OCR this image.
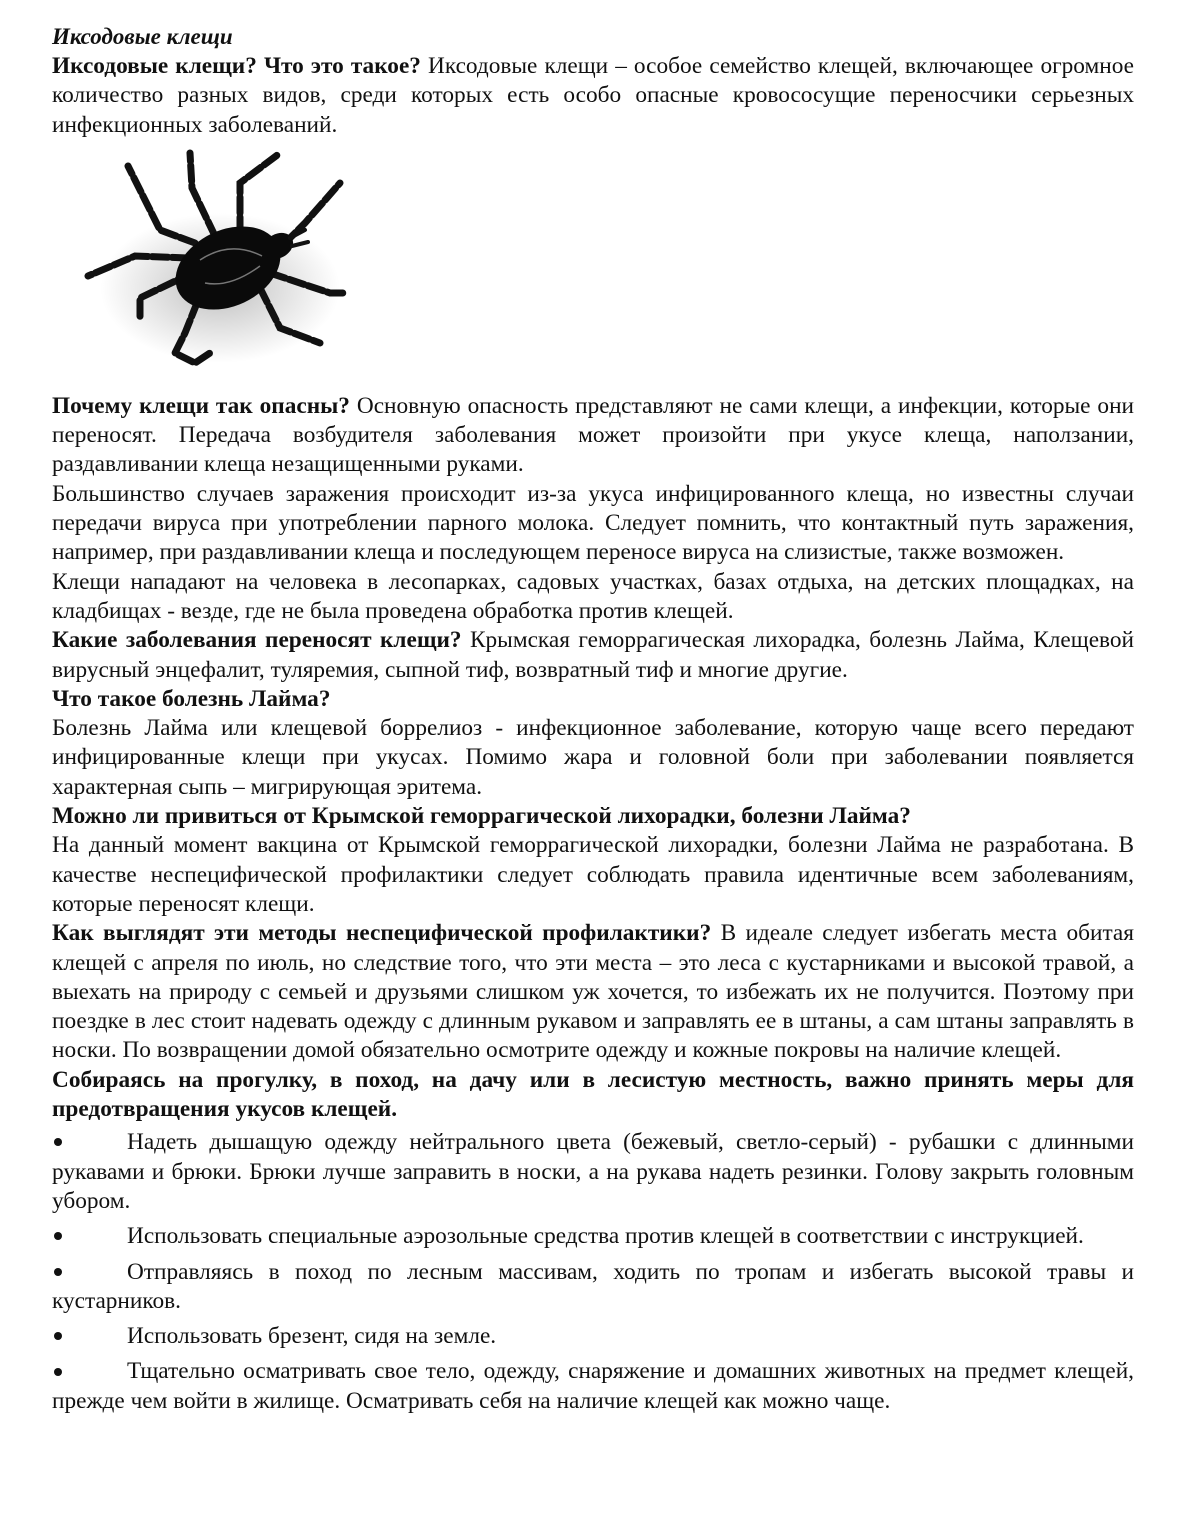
Иксодовые клещи

Иксодовые клещи? Что это такое? Иксодовые клещи – особое семейство клещей, включающее огромное количество разных видов, среди которых есть особо опасные кровососущие переносчики серьезных инфекционных заболеваний.

Почему клещи так опасны? Основную опасность представляют не сами клещи, а инфекции, которые они переносят. Передача возбудителя заболевания может произойти при укусе клеща, наползании, раздавливании клеща незащищенными руками.

Большинство случаев заражения происходит из-за укуса инфицированного клеща, но известны случаи передачи вируса при употреблении парного молока. Следует помнить, что контактный путь заражения, например, при раздавливании клеща и последующем переносе вируса на слизистые, также возможен.

Клещи нападают на человека в лесопарках, садовых участках, базах отдыха, на детских площадках, на кладбищах - везде, где не была проведена обработка против клещей.

Какие заболевания переносят клещи? Крымская геморрагическая лихорадка, болезнь Лайма, Клещевой вирусный энцефалит, туляремия, сыпной тиф, возвратный тиф и многие другие.

Что такое болезнь Лайма?

Болезнь Лайма или клещевой боррелиоз - инфекционное заболевание, которую чаще всего передают инфицированные клещи при укусах. Помимо жара и головной боли при заболевании появляется характерная сыпь – мигрирующая эритема.

Можно ли привиться от Крымской геморрагической лихорадки, болезни Лайма?

На данный момент вакцина от Крымской геморрагической лихорадки, болезни Лайма не разработана. В качестве неспецифической профилактики следует соблюдать правила идентичные всем заболеваниям, которые переносят клещи.

Как выглядят эти методы неспецифической профилактики? В идеале следует избегать места обитая клещей с апреля по июль, но следствие того, что эти места – это леса с кустарниками и высокой травой, а выехать на природу с семьей и друзьями слишком уж хочется, то избежать их не получится. Поэтому при поездке в лес стоит надевать одежду с длинным рукавом и заправлять ее в штаны, а сам штаны заправлять в носки. По возвращении домой обязательно осмотрите одежду и кожные покровы на наличие клещей.

Собираясь на прогулку, в поход, на дачу или в лесистую местность, важно принять меры для предотвращения укусов клещей.

Надеть дышащую одежду нейтрального цвета (бежевый, светло-серый) - рубашки с длинными рукавами и брюки. Брюки лучше заправить в носки, а на рукава надеть резинки. Голову закрыть головным убором.

Использовать специальные аэрозольные средства против клещей в соответствии с инструкцией.

Отправляясь в поход по лесным массивам, ходить по тропам и избегать высокой травы и кустарников.

Использовать брезент, сидя на земле.

Тщательно осматривать свое тело, одежду, снаряжение и домашних животных на предмет клещей, прежде чем войти в жилище. Осматривать себя на наличие клещей как можно чаще.
